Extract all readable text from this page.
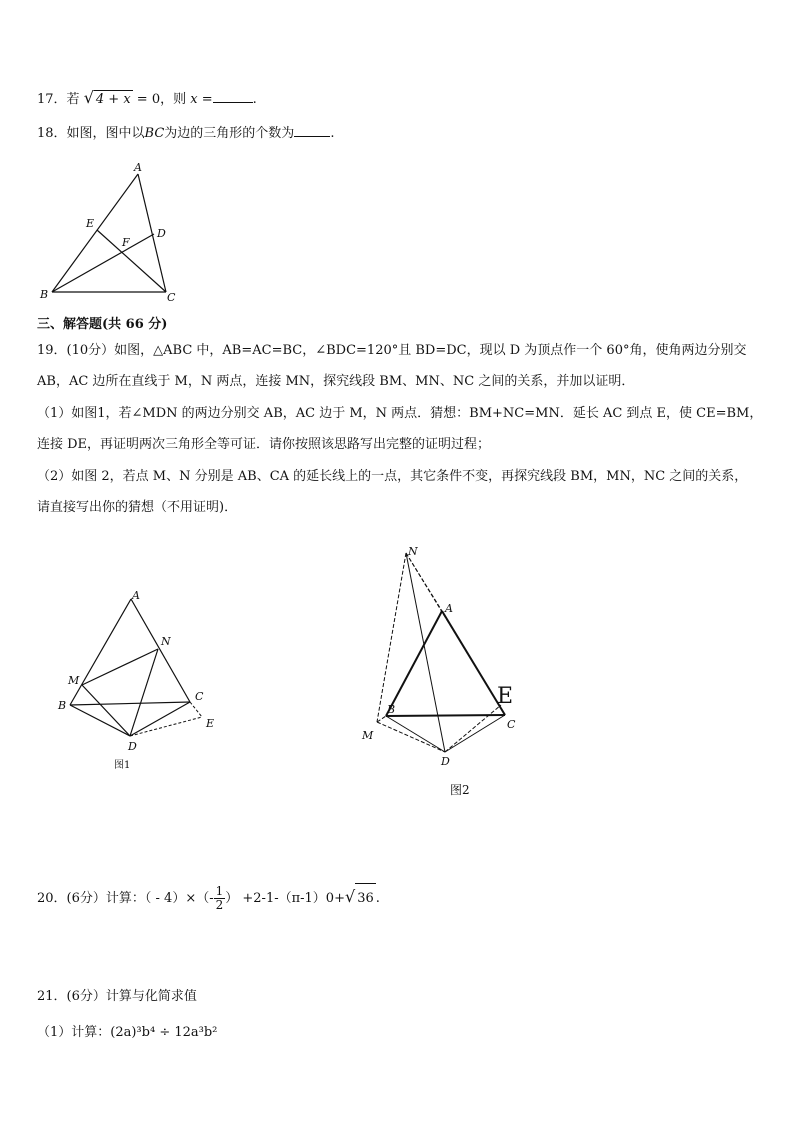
17．若 √ 4 + x = 0，则 x =	.
18．如图，图中以BC为边的三角形的个数为	.
A
B	C
D
E
F
三、解答题(共 66 分)
19．(10分）如图，△ABC 中，AB=AC=BC，∠BDC=120°且 BD=DC，现以 D 为顶点作一个 60°角，使角两边分别交
AB，AC 边所在直线于 M，N 两点，连接 MN，探究线段 BM、MN、NC 之间的关系，并加以证明．
（1）如图1，若∠MDN 的两边分别交 AB，AC 边于 M，N 两点．猜想：BM+NC=MN．延长 AC 到点 E，使 CE=BM，
连接 DE，再证明两次三角形全等可证．请你按照该思路写出完整的证明过程；
（2）如图 2，若点 M、N 分别是 AB、CA 的延长线上的一点，其它条件不变，再探究线段 BM，MN，NC 之间的关系，
请直接写出你的猜想（不用证明)．
A
N
M
B
C
D
E
图1
N
A
E
B
C
M
D
图2
20．(6分）计算：（ - $4)\times(- \frac{1}{2}$ ） +2-1-（π-1）0+√ 36 .
21．(6分）计算与化简求值
（1）计算：(2a)³b⁴ ÷ 12a³b²
